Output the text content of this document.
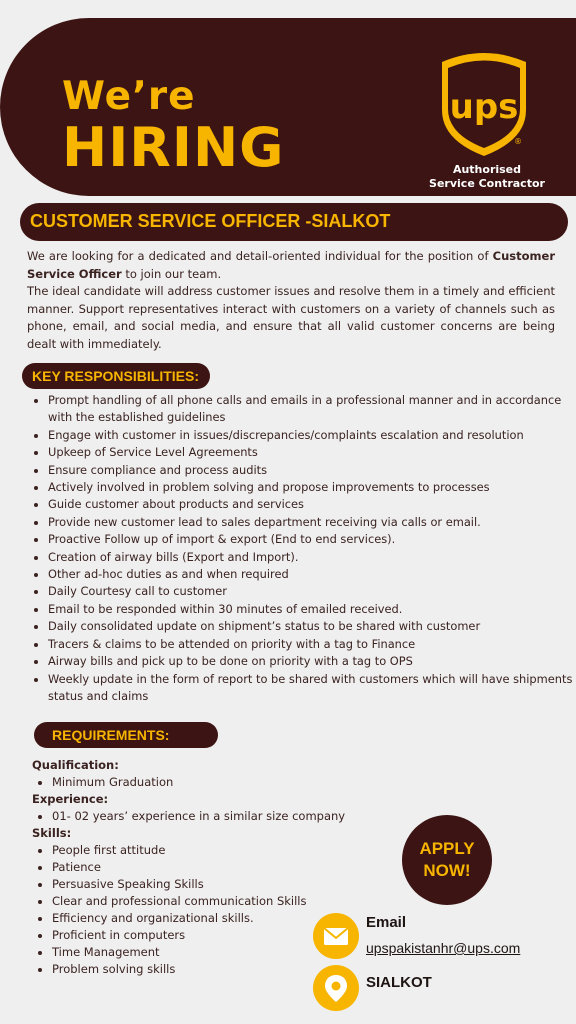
We’re
HIRING
ups
®
Authorised
Service Contractor
CUSTOMER SERVICE OFFICER -SIALKOT
We are looking for a dedicated and detail-oriented individual for the position of Customer Service Officer to join our team.
The ideal candidate will address customer issues and resolve them in a timely and efficient manner. Support representatives interact with customers on a variety of channels such as phone, email, and social media, and ensure that all valid customer concerns are being dealt with immediately.
KEY RESPONSIBILITIES:
• Prompt handling of all phone calls and emails in a professional manner and in accordance with the established guidelines
• Engage with customer in issues/discrepancies/complaints escalation and resolution
• Upkeep of Service Level Agreements
• Ensure compliance and process audits
• Actively involved in problem solving and propose improvements to processes
• Guide customer about products and services
• Provide new customer lead to sales department receiving via calls or email.
• Proactive Follow up of import & export (End to end services).
• Creation of airway bills (Export and Import).
• Other ad-hoc duties as and when required
• Daily Courtesy call to customer
• Email to be responded within 30 minutes of emailed received.
• Daily consolidated update on shipment’s status to be shared with customer
• Tracers & claims to be attended on priority with a tag to Finance
• Airway bills and pick up to be done on priority with a tag to OPS
• Weekly update in the form of report to be shared with customers which will have shipments status and claims
REQUIREMENTS:
Qualification:
• Minimum Graduation
Experience:
• 01- 02 years’ experience in a similar size company
Skills:
• People first attitude
• Patience
• Persuasive Speaking Skills
• Clear and professional communication Skills
• Efficiency and organizational skills.
• Proficient in computers
• Time Management
• Problem solving skills
APPLY
NOW!
Email
upspakistanhr@ups.com
SIALKOT
